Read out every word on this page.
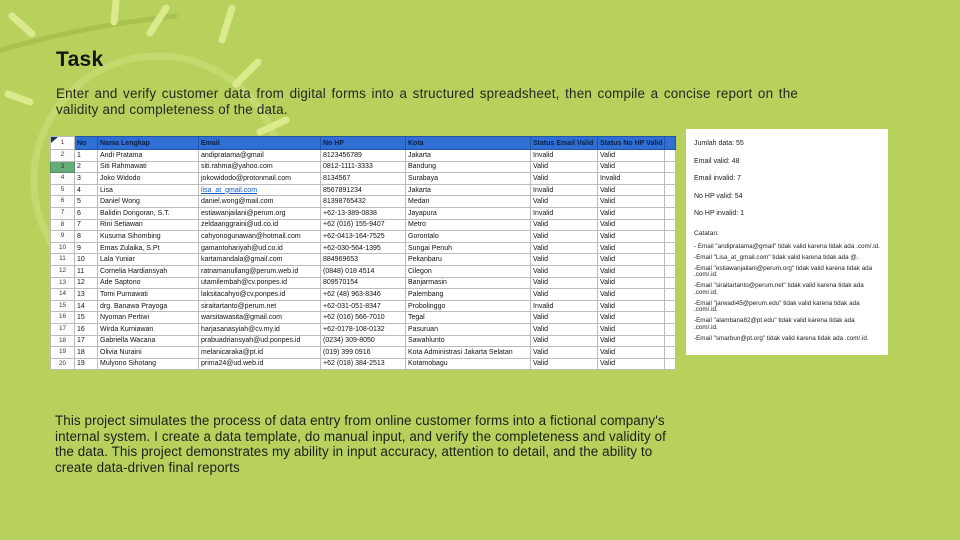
Task

Enter and verify customer data from digital forms into a structured spreadsheet, then compile a concise report on the validity and completeness of the data.

1	No	Nama Lengkap	Email	No HP	Kota	Status Email Valid	Status No HP Valid	
2	1	Andi Pratama	andipratama@gmail	8123456789	Jakarta	Invalid	Valid	
3	2	Siti Rahmawati	siti.rahma@yahoo.com	0812-1111-3333	Bandung	Valid	Valid	
4	3	Joko Widodo	jokowidodo@protonmail.com	8134567	Surabaya	Valid	Invalid	
5	4	Lisa	lisa_at_gmail.com	8567891234	Jakarta	Invalid	Valid	
6	5	Daniel Wong	daniel.wong@mail.com	81398765432	Medan	Valid	Valid	
7	6	Balidin Dongoran, S.T.	estiawanjailani@perum.org	+62-13-389-0838	Jayapura	Invalid	Valid	
8	7	Rini Setiawan	zeldaanggraini@ud.co.id	+62 (016) 155-9407	Metro	Valid	Valid	
9	8	Kusuma Sihombing	cahyonogunawan@hotmail.com	+62-0413-164-7525	Gorontalo	Valid	Valid	
10	9	Emas Zulaika, S.Pt	gamantohariyah@ud.co.id	+62-030-564-1395	Sungai Penuh	Valid	Valid	
11	10	Lala Yuniar	kartamandala@gmail.com	884969653	Pekanbaru	Valid	Valid	
12	11	Cornelia Hardiansyah	ratnamanullang@perum.web.id	(0848) 018 4514	Cilegon	Valid	Valid	
13	12	Ade Saptono	utamilembah@cv.ponpes.id	809570154	Banjarmasin	Valid	Valid	
14	13	Tomi Purnawati	laksitacahyo@cv.ponpes.id	+62 (48) 963-8346	Palembang	Valid	Valid	
15	14	drg. Banawa Prayoga	siraitartanto@perum.net	+62-031-051-8347	Probolinggo	Invalid	Valid	
16	15	Nyoman Pertiwi	warsitawasita@gmail.com	+62 (016) 566-7010	Tegal	Valid	Valid	
17	16	Wirda Kurniawan	harjasanasyiah@cv.my.id	+62-0178-108-0132	Pasuruan	Valid	Valid	
18	17	Gabriella Wacana	prabuadriansyah@ud.ponpes.id	(0234) 309-8050	Sawahlunto	Valid	Valid	
19	18	Olivia Nuraini	melanicaraka@pt.id	(019) 399 0916	Kota Administrasi Jakarta Selatan	Valid	Valid	
20	19	Mulyono Sihotang	prima24@ud.web.id	+62 (018) 384-2513	Kotamobagu	Valid	Valid	

Jumlah data: 55

Email valid: 48

Email invalid: 7

No HP valid: 54

No HP invalid: 1

Catatan:

- Email "andipratama@gmail" tidak valid karena tidak ada .com/.id.

-Email "Lisa_at_gmail.com" tidak valid karena tidak ada @.

-Email "estiawanjailani@perum.org" tidak valid karena tidak ada .com/.id.

-Email "siraitartanto@perum.net" tidak valid karena tidak ada .com/.id.

-Email "jarwadi45@perum.edu" tidak valid karena tidak ada .com/.id.

-Email "alambana82@pt.edu" tidak valid karena tidak ada .com/.id.

-Email "smarbun@pt.org" tidak valid karena tidak ada .com/.id.

This project simulates the process of data entry from online customer forms into a fictional company's internal system. I create a data template, do manual input, and verify the completeness and validity of the data. This project demonstrates my ability in input accuracy, attention to detail, and the ability to create data-driven final reports
